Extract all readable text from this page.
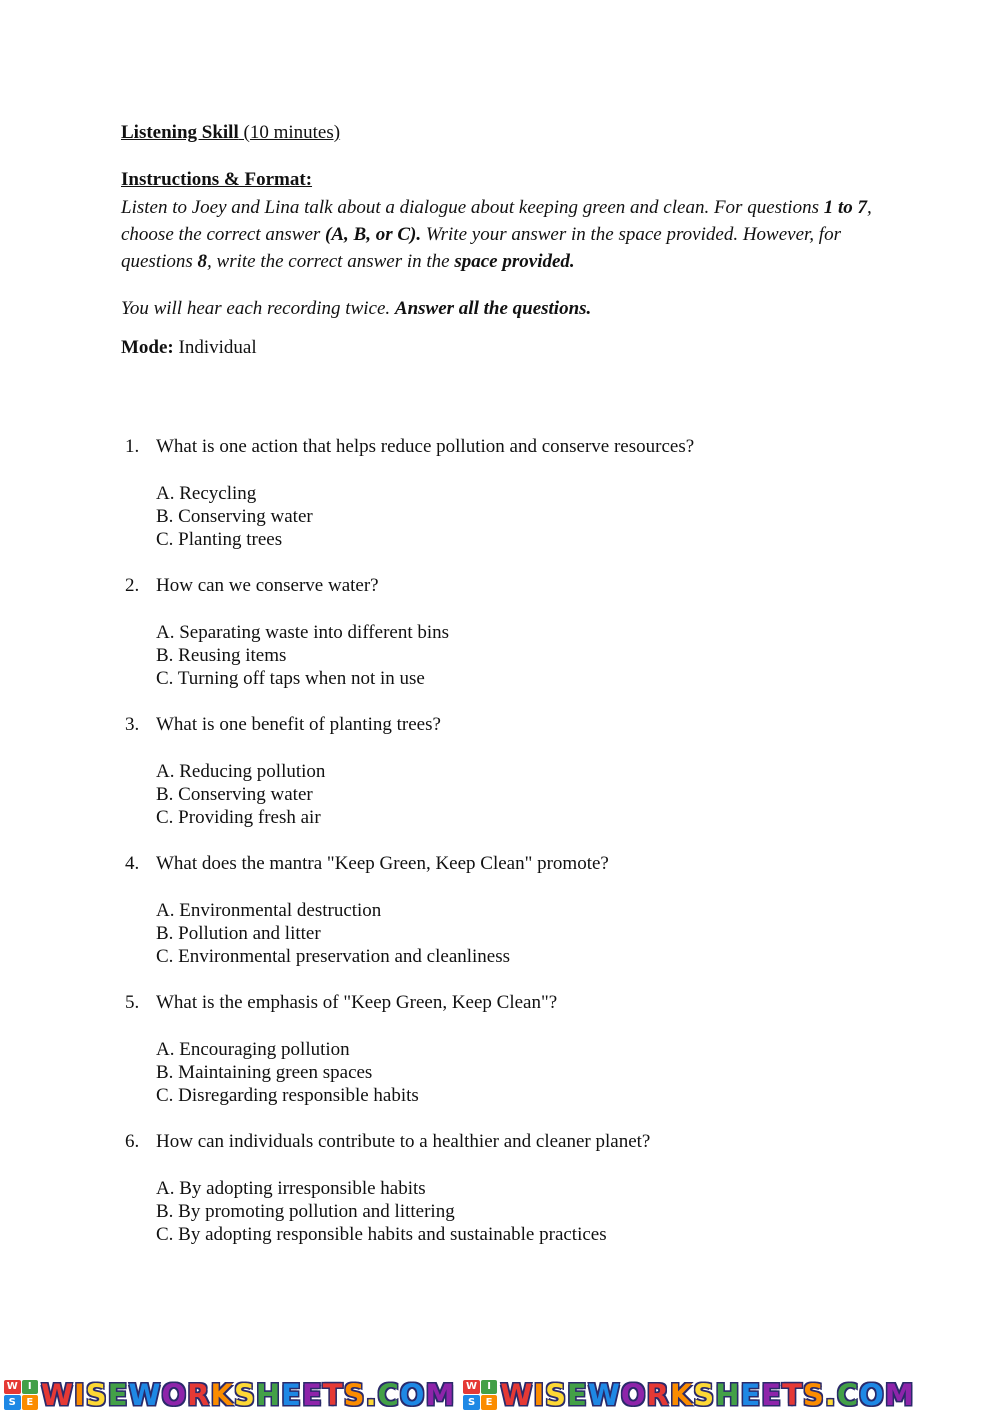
Listening Skill (10 minutes)
Instructions & Format:
Listen to Joey and Lina talk about a dialogue about keeping green and clean. For questions 1 to 7, choose the correct answer (A, B, or C). Write your answer in the space provided. However, for questions 8, write the correct answer in the space provided.
You will hear each recording twice. Answer all the questions.
Mode: Individual
1. What is one action that helps reduce pollution and conserve resources?
A. Recycling
B. Conserving water
C. Planting trees
2. How can we conserve water?
A. Separating waste into different bins
B. Reusing items
C. Turning off taps when not in use
3. What is one benefit of planting trees?
A. Reducing pollution
B. Conserving water
C. Providing fresh air
4. What does the mantra "Keep Green, Keep Clean" promote?
A. Environmental destruction
B. Pollution and litter
C. Environmental preservation and cleanliness
5. What is the emphasis of "Keep Green, Keep Clean"?
A. Encouraging pollution
B. Maintaining green spaces
C. Disregarding responsible habits
6. How can individuals contribute to a healthier and cleaner planet?
A. By adopting irresponsible habits
B. By promoting pollution and littering
C. By adopting responsible habits and sustainable practices
W	I
S	E W I S E W O R K S H E E T S . C O M W	I
S	E W I S E W O R K S H E E T S . C O M
